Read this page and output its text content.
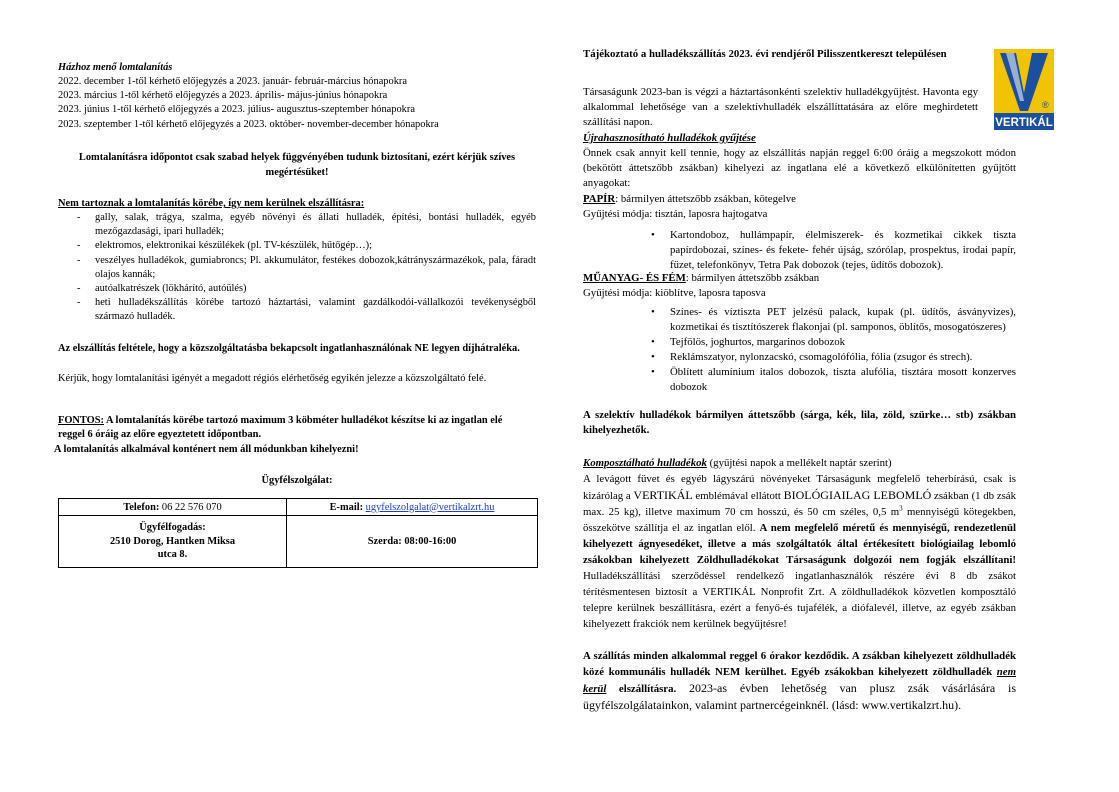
Házhoz menő lomtalanítás

2022. december 1-től kérhető előjegyzés a 2023. január- február-március hónapokra

2023. március 1-től kérhető előjegyzés a 2023. április- május-június hónapokra

2023. június 1-től kérhető előjegyzés a 2023. július- augusztus-szeptember hónapokra

2023. szeptember 1-től kérhető előjegyzés a 2023. október- november-december hónapokra

Lomtalanításra időpontot csak szabad helyek függvényében tudunk biztosítani, ezért kérjük szíves megértésüket!

Nem tartoznak a lomtalanítás körébe, így nem kerülnek elszállításra:

- gally, salak, trágya, szalma, egyéb növényi és állati hulladék, építési, bontási hulladék, egyéb mezőgazdasági, ipari hulladék;
- elektromos, elektronikai készülékek (pl. TV-készülék, hűtőgép…);
- veszélyes hulladékok, gumiabroncs; Pl. akkumulátor, festékes dobozok,kátrányszármazékok, pala, fáradt olajos kannák;
- autóalkatrészek (lökhárító, autóülés)
- heti hulladékszállítás körébe tartozó háztartási, valamint gazdálkodói-vállalkozói tevékenységből származó hulladék.

Az elszállítás feltétele, hogy a közszolgáltatásba bekapcsolt ingatlanhasználónak NE legyen díjhátraléka.

Kérjük, hogy lomtalanítási igényét a megadott régiós elérhetőség egyikén jelezze a közszolgáltató felé.

FONTOS: A lomtalanítás körébe tartozó maximum 3 köbméter hulladékot készítse ki az ingatlan elé reggel 6 óráig az előre egyeztetett időpontban.

A lomtalanítás alkalmával konténert nem áll módunkban kihelyezni!

Ügyfélszolgálat:

Telefon: 06 22 576 070	E-mail: ugyfelszolgalat@vertikalzrt.hu

Ügyfélfogadás:
2510 Dorog, Hantken Miksa
utca 8.	Szerda: 08:00-16:00

Tájékoztató a hulladékszállítás 2023. évi rendjéről Pilisszentkereszt településen

Társaságunk 2023-ban is végzi a háztartásonkénti szelektív hulladékgyűjtést. Havonta egy alkalommal lehetősége van a szelektívhulladék elszállíttatására az előre meghirdetett szállítási napon.

Újrahasznosítható hulladékok gyűjtése

Önnek csak annyit kell tennie, hogy az elszállítás napján reggel 6:00 óráig a megszokott módon (bekötött áttetszőbb zsákban) kihelyezi az ingatlana elé a következő elkülönítetten gyűjtött anyagokat:

PAPÍR: bármilyen áttetszőbb zsákban, kötegelve

Gyűjtési módja: tisztán, laposra hajtogatva

• Kartondoboz, hullámpapír, élelmiszerek- és kozmetikai cikkek tiszta papírdobozai, színes- és fekete- fehér újság, szórólap, prospektus, irodai papír, füzet, telefonkönyv, Tetra Pak dobozok (tejes, üdítős dobozok).

MŰANYAG- ÉS FÉM: bármilyen áttetszőbb zsákban

Gyűjtési módja: kiöblítve, laposra taposva

• Színes- és víztiszta PET jelzésű palack, kupak (pl. üdítős, ásványvizes), kozmetikai és tisztítószerek flakonjai (pl. samponos, öblítős, mosogatószeres)
• Tejfölös, joghurtos, margarinos dobozok
• Reklámszatyor, nylonzacskó, csomagolófólia, fólia (zsugor és strech).
• Öblített alumínium italos dobozok, tiszta alufólia, tisztára mosott konzerves dobozok

A szelektív hulladékok bármilyen áttetszőbb (sárga, kék, lila, zöld, szürke… stb) zsákban kihelyezhetők.

Komposztálható hulladékok (gyűjtési napok a mellékelt naptár szerint)

A levágott füvet és egyéb lágyszárú növényeket Társaságunk megfelelő teherbírású, csak is kizárólag a VERTIKÁL emblémával ellátott BIOLÓGIAILAG LEBOMLÓ zsákban (1 db zsák max. 25 kg), illetve maximum 70 cm hosszú, és 50 cm széles, 0,5 $m^3$ mennyiségű kötegekben, összekötve szállítja el az ingatlan elől. A nem megfelelő méretű és mennyiségű, rendezetlenül kihelyezett ágnyesedéket, illetve a más szolgáltatók által értékesített biológiailag lebomló zsákokban kihelyezett Zöldhulladékokat Társaságunk dolgozói nem fogják elszállítani! Hulladékszállítási szerződéssel rendelkező ingatlanhasználók részére évi 8 db zsákot térítésmentesen biztosít a VERTIKÁL Nonprofit Zrt. A zöldhulladékok közvetlen komposztáló telepre kerülnek beszállításra, ezért a fenyő-és tujafélék, a diófalevél, illetve, az egyéb zsákban kihelyezett frakciók nem kerülnek begyűjtésre!

A szállítás minden alkalommal reggel 6 órakor kezdődik. A zsákban kihelyezett zöldhulladék közé kommunális hulladék NEM kerülhet. Egyéb zsákokban kihelyezett zöldhulladék nem kerül elszállításra. 2023-as évben lehetőség van plusz zsák vásárlására is ügyfélszolgálatainkon, valamint partnercégeinknél. (lásd: www.vertikalzrt.hu).

®
VERTIKÁL
